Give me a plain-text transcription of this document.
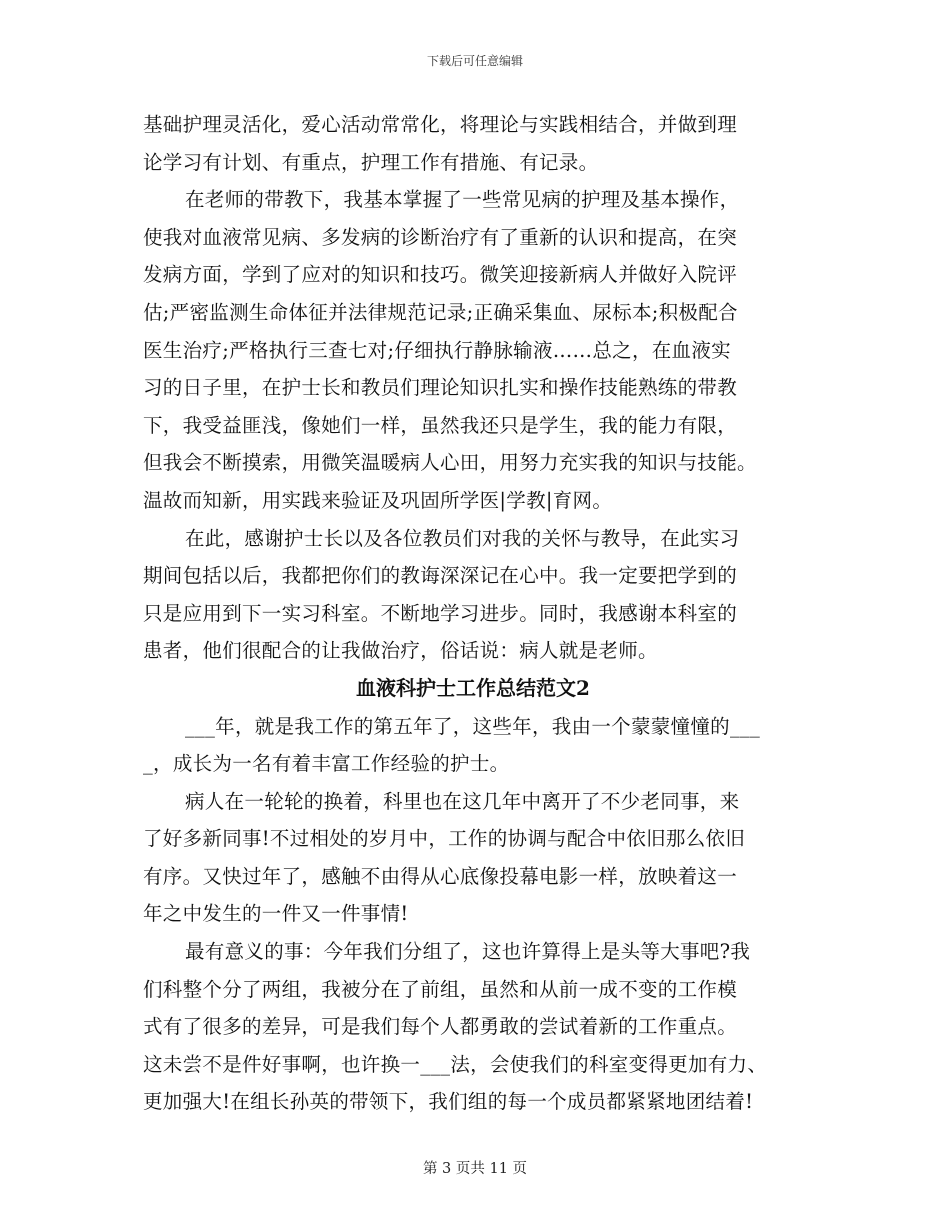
下载后可任意编辑
基础护理灵活化，爱心活动常常化，将理论与实践相结合，并做到理
论学习有计划、有重点，护理工作有措施、有记录。
在老师的带教下，我基本掌握了一些常见病的护理及基本操作，
使我对血液常见病、多发病的诊断治疗有了重新的认识和提高，在突
发病方面，学到了应对的知识和技巧。微笑迎接新病人并做好入院评
估;严密监测生命体征并法律规范记录;正确采集血、尿标本;积极配合
医生治疗;严格执行三查七对;仔细执行静脉输液……总之，在血液实
习的日子里，在护士长和教员们理论知识扎实和操作技能熟练的带教
下，我受益匪浅，像她们一样，虽然我还只是学生，我的能力有限，
但我会不断摸索，用微笑温暖病人心田，用努力充实我的知识与技能。
温故而知新，用实践来验证及巩固所学医|学教|育网。
在此，感谢护士长以及各位教员们对我的关怀与教导，在此实习
期间包括以后，我都把你们的教诲深深记在心中。我一定要把学到的
只是应用到下一实习科室。不断地学习进步。同时，我感谢本科室的
患者，他们很配合的让我做治疗，俗话说：病人就是老师。
血液科护士工作总结范文2
___年，就是我工作的第五年了，这些年，我由一个蒙蒙憧憧的___
_，成长为一名有着丰富工作经验的护士。
病人在一轮轮的换着，科里也在这几年中离开了不少老同事，来
了好多新同事!不过相处的岁月中，工作的协调与配合中依旧那么依旧
有序。又快过年了，感触不由得从心底像投幕电影一样，放映着这一
年之中发生的一件又一件事情!
最有意义的事：今年我们分组了，这也许算得上是头等大事吧?我
们科整个分了两组，我被分在了前组，虽然和从前一成不变的工作模
式有了很多的差异，可是我们每个人都勇敢的尝试着新的工作重点。
这未尝不是件好事啊，也许换一___法，会使我们的科室变得更加有力、
更加强大!在组长孙英的带领下，我们组的每一个成员都紧紧地团结着!
第 3 页共 11 页
